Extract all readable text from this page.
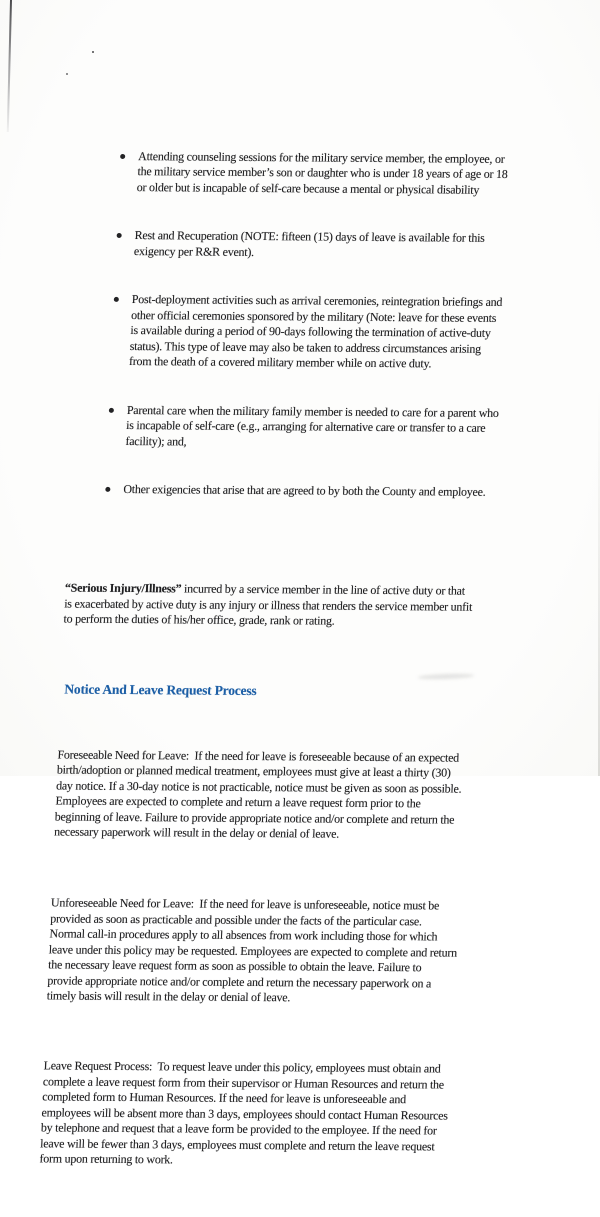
Attending counseling sessions for the military service member, the employee, or
the military service member’s son or daughter who is under 18 years of age or 18
or older but is incapable of self-care because a mental or physical disability

Rest and Recuperation (NOTE: fifteen (15) days of leave is available for this
exigency per R&R event).

Post-deployment activities such as arrival ceremonies, reintegration briefings and
other official ceremonies sponsored by the military (Note: leave for these events
is available during a period of 90-days following the termination of active-duty
status). This type of leave may also be taken to address circumstances arising
from the death of a covered military member while on active duty.

Parental care when the military family member is needed to care for a parent who
is incapable of self-care (e.g., arranging for alternative care or transfer to a care
facility); and,

Other exigencies that arise that are agreed to by both the County and employee.

“Serious Injury/Illness” incurred by a service member in the line of active duty or that
is exacerbated by active duty is any injury or illness that renders the service member unfit
to perform the duties of his/her office, grade, rank or rating.

Notice And Leave Request Process

Foreseeable Need for Leave:  If the need for leave is foreseeable because of an expected
birth/adoption or planned medical treatment, employees must give at least a thirty (30)
day notice. If a 30-day notice is not practicable, notice must be given as soon as possible.
Employees are expected to complete and return a leave request form prior to the
beginning of leave. Failure to provide appropriate notice and/or complete and return the
necessary paperwork will result in the delay or denial of leave.

Unforeseeable Need for Leave:  If the need for leave is unforeseeable, notice must be
provided as soon as practicable and possible under the facts of the particular case.
Normal call-in procedures apply to all absences from work including those for which
leave under this policy may be requested. Employees are expected to complete and return
the necessary leave request form as soon as possible to obtain the leave. Failure to
provide appropriate notice and/or complete and return the necessary paperwork on a
timely basis will result in the delay or denial of leave.

Leave Request Process:  To request leave under this policy, employees must obtain and
complete a leave request form from their supervisor or Human Resources and return the
completed form to Human Resources. If the need for leave is unforeseeable and
employees will be absent more than 3 days, employees should contact Human Resources
by telephone and request that a leave form be provided to the employee. If the need for
leave will be fewer than 3 days, employees must complete and return the leave request
form upon returning to work.
